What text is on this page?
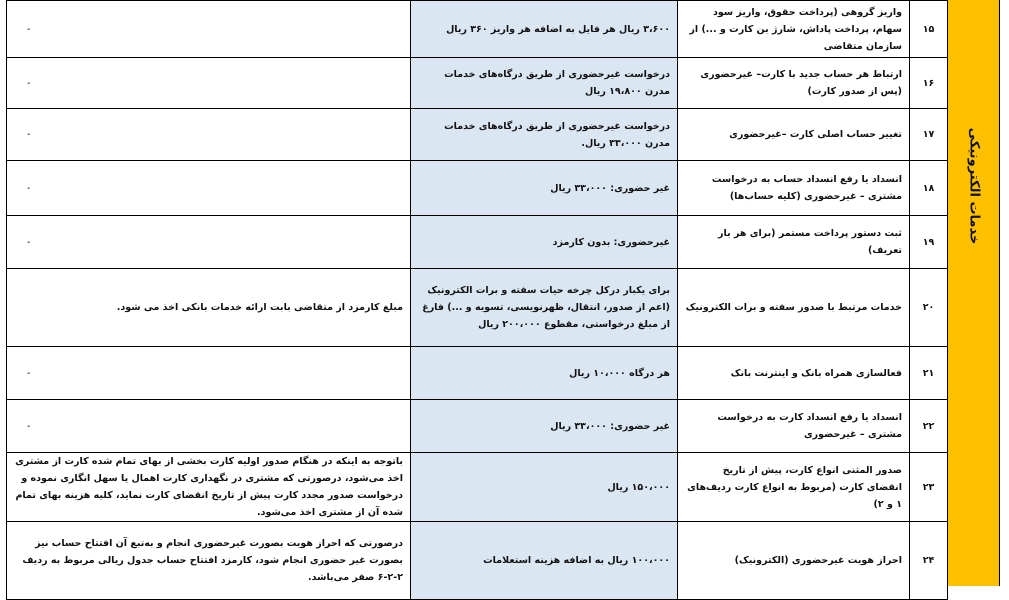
۱۵	واریز گروهی (پرداخت حقوق، واریز سود سهام، پرداخت پاداش، شارژ بن کارت و ...) از سازمان متقاضی	۳،۶۰۰ ریال هر فایل به اضافه هر واریز ۳۶۰ ریال	-
۱۶	ارتباط هر حساب جدید با کارت– غیرحضوری (پس از صدور کارت)	درخواست غیرحضوری از طریق درگاه‌های خدمات مدرن ۱۹،۸۰۰ ریال	-
۱۷	تغییر حساب اصلی کارت –غیرحضوری	درخواست غیرحضوری از طریق درگاه‌های خدمات مدرن ۳۳،۰۰۰ ریال.	-
۱۸	انسداد یا رفع انسداد حساب به درخواست مشتری – غیرحضوری (کلیه حساب‌ها)	غیر حضوری: ۳۳،۰۰۰ ریال	-
۱۹	ثبت دستور پرداخت مستمر (برای هر بار تعریف)	غیرحضوری: بدون کارمزد	-
۲۰	خدمات مرتبط با صدور سفته و برات الکترونیک	برای یکبار درکل چرخه حیات سفته و برات الکترونیک (اعم از صدور، انتقال، ظهرنویسی، تسویه و ...) فارغ از مبلغ درخواستی، مقطوع ۲۰۰،۰۰۰ ریال	مبلغ کارمزد از متقاضی بابت ارائه خدمات بانکی اخذ می شود.
۲۱	فعالسازی همراه بانک و اینترنت بانک	هر درگاه ۱۰،۰۰۰ ریال	-
۲۲	انسداد یا رفع انسداد کارت به درخواست مشتری – غیرحضوری	غیر حضوری: ۳۳،۰۰۰ ریال	-
۲۳	صدور المثنی انواع کارت، پیش از تاریخ انقضای کارت (مربوط به انواع کارت ردیف‌های ۱ و ۲)	۱۵۰،۰۰۰ ریال	باتوجه به اینکه در هنگام صدور اولیه کارت بخشی از بهای تمام شده کارت از مشتری اخذ می‌شود، درصورتی که مشتری در نگهداری کارت اهمال یا سهل انگاری نموده و درخواست صدور مجدد کارت پیش از تاریخ انقضای کارت نماید، کلیه هزینه بهای تمام شده آن از مشتری اخذ می‌شود.
۲۴	احراز هویت غیرحضوری (الکترونیک)	۱۰۰،۰۰۰ ریال به اضافه هزینه استعلامات	درصورتی که احراز هویت بصورت غیرحضوری انجام و به‌تبع آن افتتاح حساب نیز بصورت غیر حضوری انجام شود، کارمزد افتتاح حساب جدول ریالی مربوط به ردیف ۲-۲-۶ صفر می‌باشد.
خدمات الکترونیکی
